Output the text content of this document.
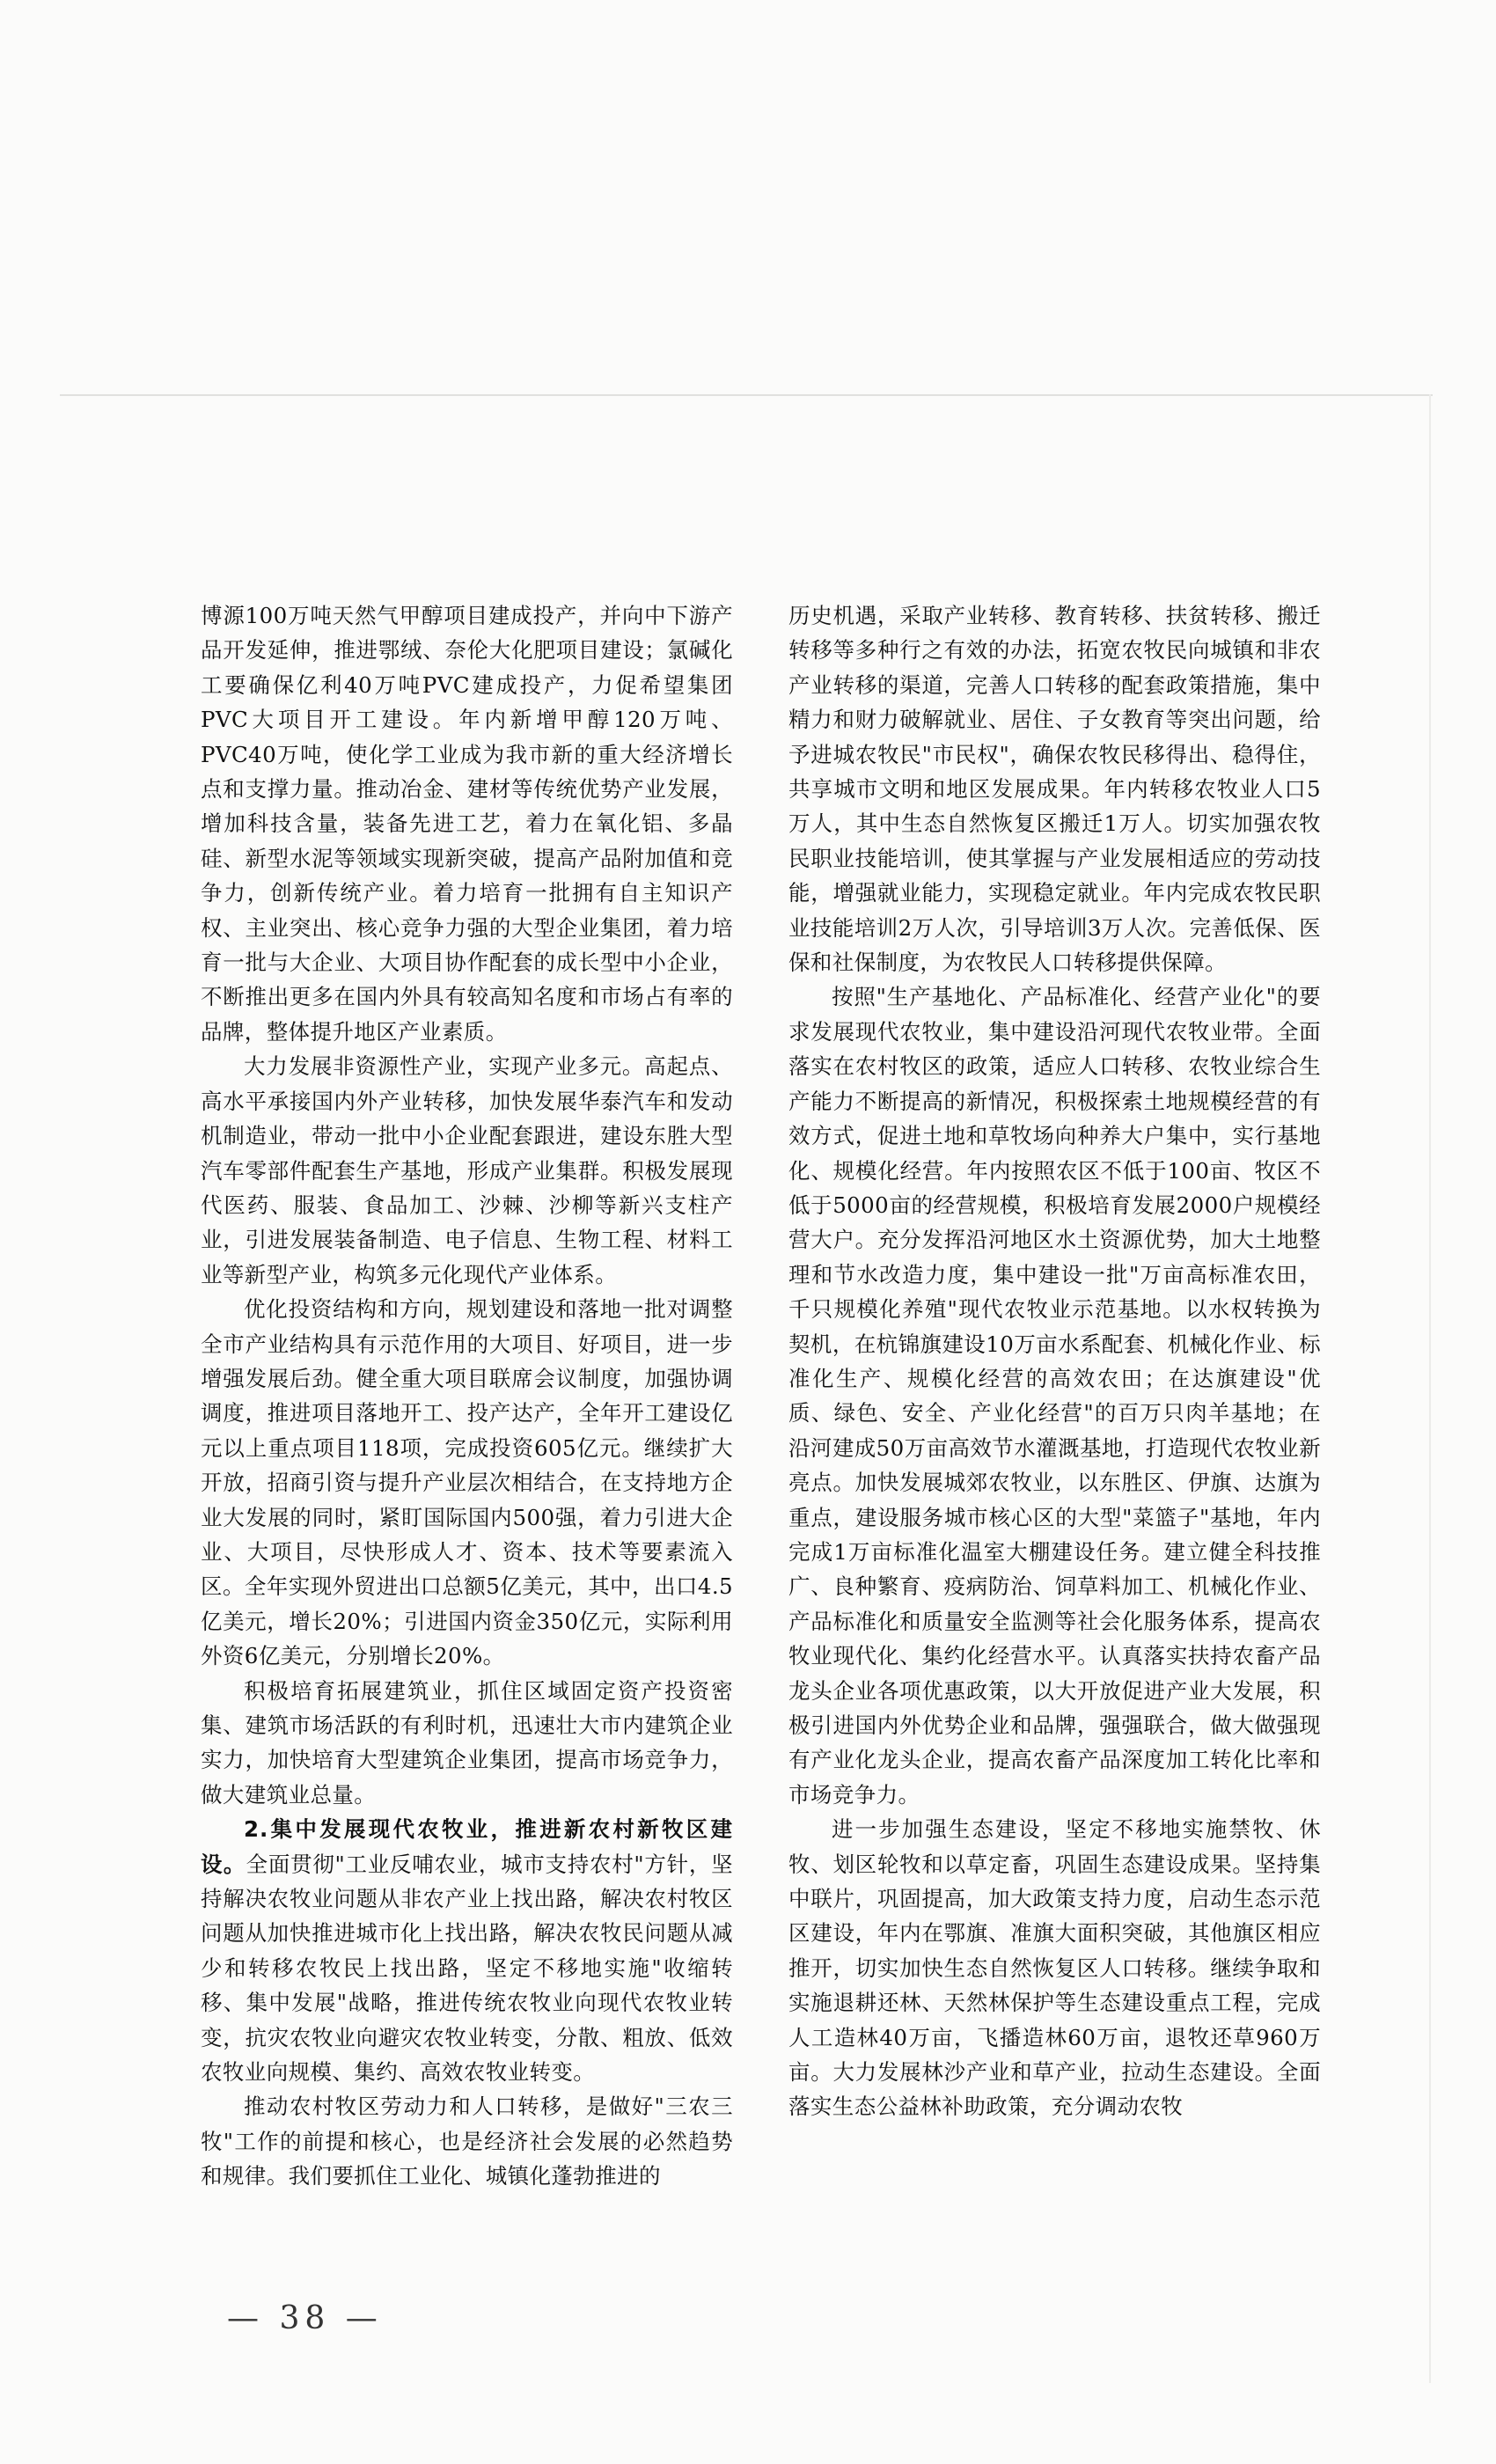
博源100万吨天然气甲醇项目建成投产，并向中下游产品开发延伸，推进鄂绒、奈伦大化肥项目建设；氯碱化工要确保亿利40万吨PVC建成投产，力促希望集团PVC大项目开工建设。年内新增甲醇120万吨、PVC40万吨，使化学工业成为我市新的重大经济增长点和支撑力量。推动冶金、建材等传统优势产业发展，增加科技含量，装备先进工艺，着力在氧化铝、多晶硅、新型水泥等领域实现新突破，提高产品附加值和竞争力，创新传统产业。着力培育一批拥有自主知识产权、主业突出、核心竞争力强的大型企业集团，着力培育一批与大企业、大项目协作配套的成长型中小企业，不断推出更多在国内外具有较高知名度和市场占有率的品牌，整体提升地区产业素质。

大力发展非资源性产业，实现产业多元。高起点、高水平承接国内外产业转移，加快发展华泰汽车和发动机制造业，带动一批中小企业配套跟进，建设东胜大型汽车零部件配套生产基地，形成产业集群。积极发展现代医药、服装、食品加工、沙棘、沙柳等新兴支柱产业，引进发展装备制造、电子信息、生物工程、材料工业等新型产业，构筑多元化现代产业体系。

优化投资结构和方向，规划建设和落地一批对调整全市产业结构具有示范作用的大项目、好项目，进一步增强发展后劲。健全重大项目联席会议制度，加强协调调度，推进项目落地开工、投产达产，全年开工建设亿元以上重点项目118项，完成投资605亿元。继续扩大开放，招商引资与提升产业层次相结合，在支持地方企业大发展的同时，紧盯国际国内500强，着力引进大企业、大项目，尽快形成人才、资本、技术等要素流入区。全年实现外贸进出口总额5亿美元，其中，出口4.5亿美元，增长20%；引进国内资金350亿元，实际利用外资6亿美元，分别增长20%。

积极培育拓展建筑业，抓住区域固定资产投资密集、建筑市场活跃的有利时机，迅速壮大市内建筑企业实力，加快培育大型建筑企业集团，提高市场竞争力，做大建筑业总量。

2.集中发展现代农牧业，推进新农村新牧区建设。全面贯彻"工业反哺农业，城市支持农村"方针，坚持解决农牧业问题从非农产业上找出路，解决农村牧区问题从加快推进城市化上找出路，解决农牧民问题从减少和转移农牧民上找出路，坚定不移地实施"收缩转移、集中发展"战略，推进传统农牧业向现代农牧业转变，抗灾农牧业向避灾农牧业转变，分散、粗放、低效农牧业向规模、集约、高效农牧业转变。

推动农村牧区劳动力和人口转移，是做好"三农三牧"工作的前提和核心，也是经济社会发展的必然趋势和规律。我们要抓住工业化、城镇化蓬勃推进的

历史机遇，采取产业转移、教育转移、扶贫转移、搬迁转移等多种行之有效的办法，拓宽农牧民向城镇和非农产业转移的渠道，完善人口转移的配套政策措施，集中精力和财力破解就业、居住、子女教育等突出问题，给予进城农牧民"市民权"，确保农牧民移得出、稳得住，共享城市文明和地区发展成果。年内转移农牧业人口5万人，其中生态自然恢复区搬迁1万人。切实加强农牧民职业技能培训，使其掌握与产业发展相适应的劳动技能，增强就业能力，实现稳定就业。年内完成农牧民职业技能培训2万人次，引导培训3万人次。完善低保、医保和社保制度，为农牧民人口转移提供保障。

按照"生产基地化、产品标准化、经营产业化"的要求发展现代农牧业，集中建设沿河现代农牧业带。全面落实在农村牧区的政策，适应人口转移、农牧业综合生产能力不断提高的新情况，积极探索土地规模经营的有效方式，促进土地和草牧场向种养大户集中，实行基地化、规模化经营。年内按照农区不低于100亩、牧区不低于5000亩的经营规模，积极培育发展2000户规模经营大户。充分发挥沿河地区水土资源优势，加大土地整理和节水改造力度，集中建设一批"万亩高标准农田，千只规模化养殖"现代农牧业示范基地。以水权转换为契机，在杭锦旗建设10万亩水系配套、机械化作业、标准化生产、规模化经营的高效农田；在达旗建设"优质、绿色、安全、产业化经营"的百万只肉羊基地；在沿河建成50万亩高效节水灌溉基地，打造现代农牧业新亮点。加快发展城郊农牧业，以东胜区、伊旗、达旗为重点，建设服务城市核心区的大型"菜篮子"基地，年内完成1万亩标准化温室大棚建设任务。建立健全科技推广、良种繁育、疫病防治、饲草料加工、机械化作业、产品标准化和质量安全监测等社会化服务体系，提高农牧业现代化、集约化经营水平。认真落实扶持农畜产品龙头企业各项优惠政策，以大开放促进产业大发展，积极引进国内外优势企业和品牌，强强联合，做大做强现有产业化龙头企业，提高农畜产品深度加工转化比率和市场竞争力。

进一步加强生态建设，坚定不移地实施禁牧、休牧、划区轮牧和以草定畜，巩固生态建设成果。坚持集中联片，巩固提高，加大政策支持力度，启动生态示范区建设，年内在鄂旗、准旗大面积突破，其他旗区相应推开，切实加快生态自然恢复区人口转移。继续争取和实施退耕还林、天然林保护等生态建设重点工程，完成人工造林40万亩，飞播造林60万亩，退牧还草960万亩。大力发展林沙产业和草产业，拉动生态建设。全面落实生态公益林补助政策，充分调动农牧

— 38 —
